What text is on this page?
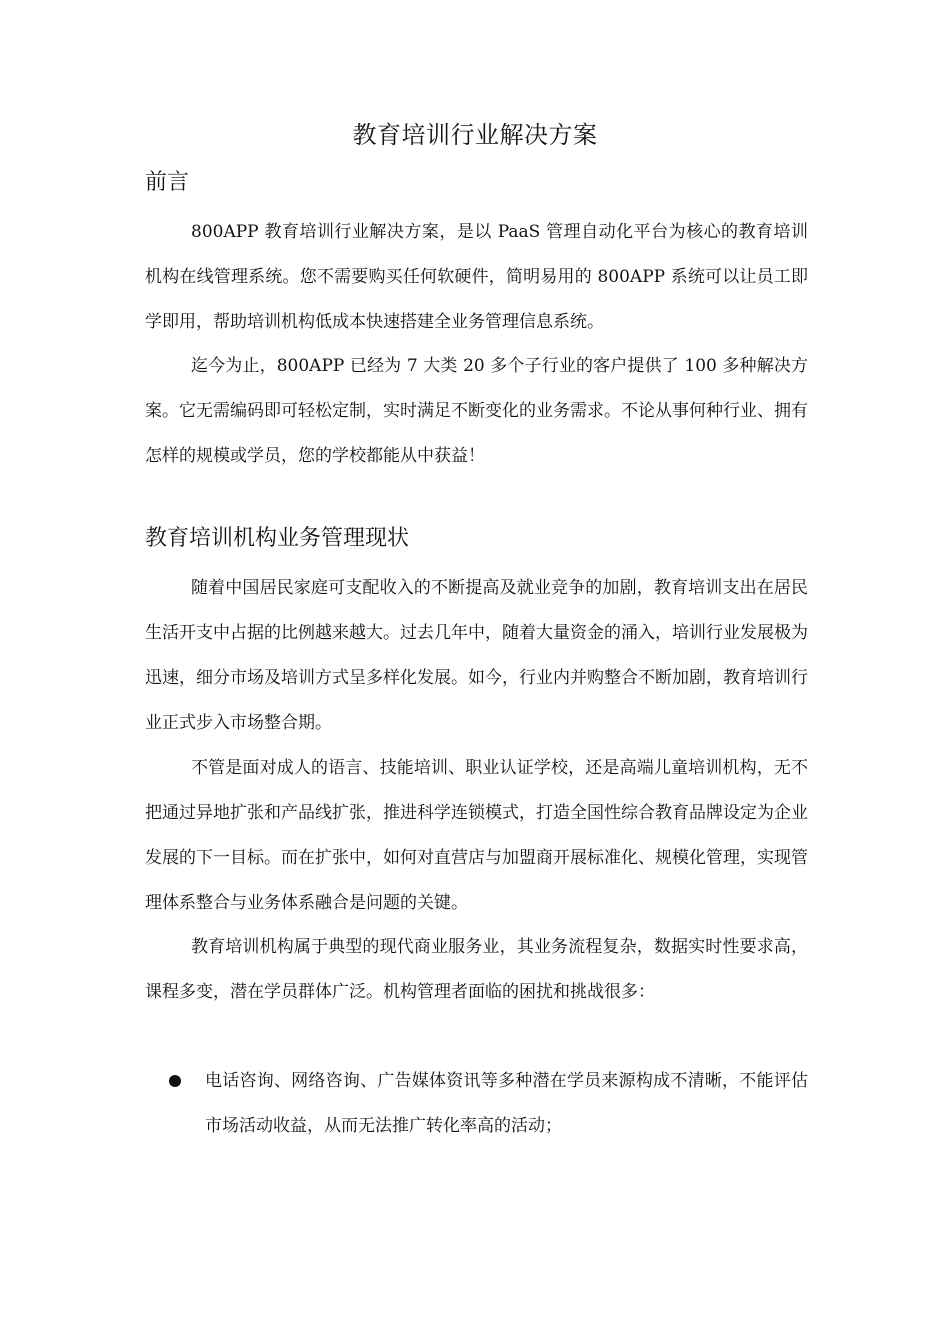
教育培训行业解决方案
前言

800APP 教育培训行业解决方案，是以 PaaS 管理自动化平台为核心的教育培训机构在线管理系统。您不需要购买任何软硬件，简明易用的 800APP 系统可以让员工即学即用，帮助培训机构低成本快速搭建全业务管理信息系统。

迄今为止，800APP 已经为 7 大类 20 多个子行业的客户提供了 100 多种解决方案。它无需编码即可轻松定制，实时满足不断变化的业务需求。不论从事何种行业、拥有怎样的规模或学员，您的学校都能从中获益！

教育培训机构业务管理现状

随着中国居民家庭可支配收入的不断提高及就业竞争的加剧，教育培训支出在居民生活开支中占据的比例越来越大。过去几年中，随着大量资金的涌入，培训行业发展极为迅速，细分市场及培训方式呈多样化发展。如今，行业内并购整合不断加剧，教育培训行业正式步入市场整合期。

不管是面对成人的语言、技能培训、职业认证学校，还是高端儿童培训机构，无不把通过异地扩张和产品线扩张，推进科学连锁模式，打造全国性综合教育品牌设定为企业发展的下一目标。而在扩张中，如何对直营店与加盟商开展标准化、规模化管理，实现管理体系整合与业务体系融合是问题的关键。

教育培训机构属于典型的现代商业服务业，其业务流程复杂，数据实时性要求高，课程多变，潜在学员群体广泛。机构管理者面临的困扰和挑战很多：

电话咨询、网络咨询、广告媒体资讯等多种潜在学员来源构成不清晰，不能评估市场活动收益，从而无法推广转化率高的活动；
